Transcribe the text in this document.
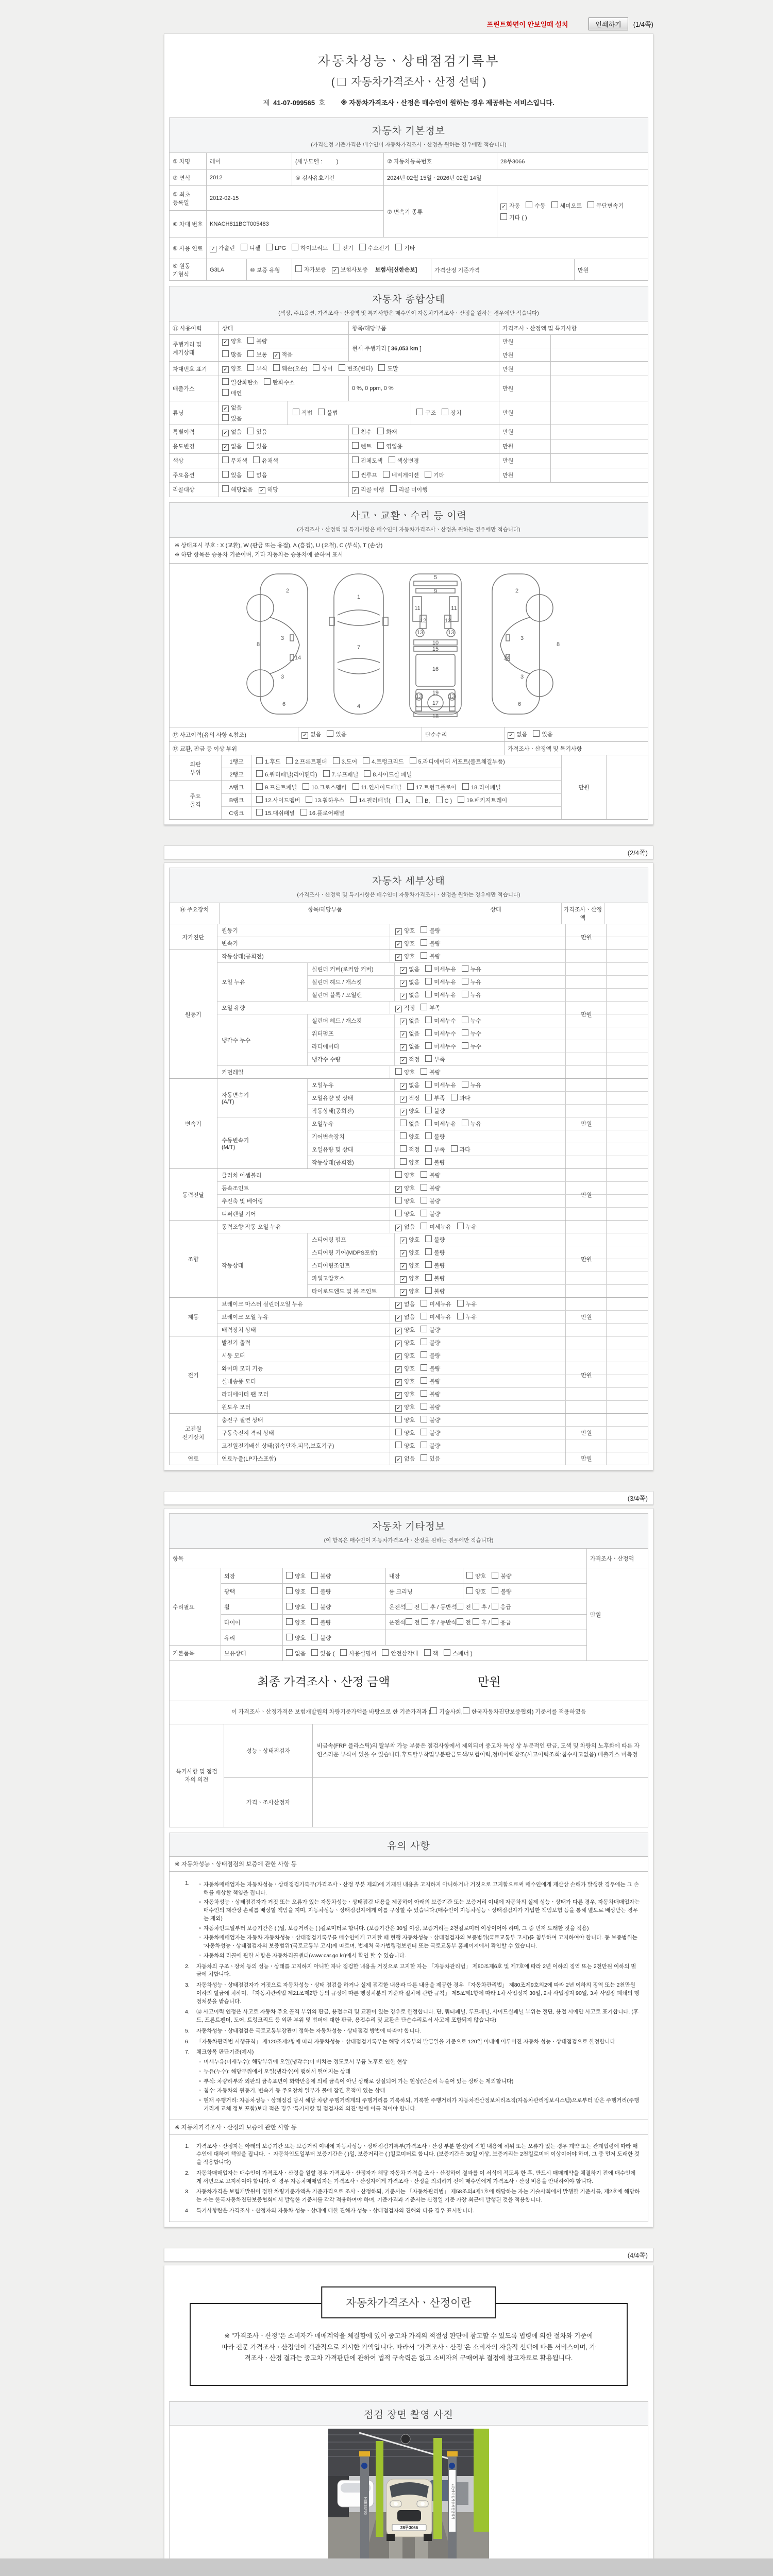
프린트화면이 안보일때 설치	인쇄하기	(1/4쪽)
자동차성능ㆍ상태점검기록부
( 자동차가격조사ㆍ산정 선택 )
제 41-07-099565 호 ※ 자동차가격조사ㆍ산정은 매수인이 원하는 경우 제공하는 서비스입니다.
자동차 기본정보
(가격산정 기준가격은 매수인이 자동차가격조사ㆍ산정을 원하는 경우에만 적습니다)
① 차명	레이		(세부모델 : )	② 자동차등록번호		28무3066	
③ 연식	2012		④ 검사유효기간	2024년 02월 15일 ~2026년 02월 14일			
⑤ 최초 등록일	2012-02-15			⑦ 변속기 종류	
✓자동 수동 세미오토 무단변속기
기타 ( )

⑥ 차대 번호	KNACH811BCT005483						
⑧ 사용 연료	✓가솔린 디젤 LPG 하이브리드 전기 수소전기 기타
⑨ 원동 기형식	G3LA	⑩ 보증 유형	자가보증 ✓ 보험사보증 보험사[신한손보]		가격산정 기준가격		만원
자동차 종합상태
(색상, 주요옵션, 가격조사ㆍ산정액 및 특기사항은 매수인이 자동차가격조사ㆍ산정을 원하는 경우에만 적습니다)
⑪ 사용이력	상태	항목/해당부품	가격조사ㆍ산정액 및 특기사항	
주행거리 및 계기상태	✓양호 불량	현재 주행거리 [ 36,053 km ]	만원	
	많음 보통 ✓ 적음		만원	
차대번호 표기	✓양호 부식 훼손(오손) 상이 변조(변타) 도말		만원	
배출가스	일산화탄소 탄화수소
매연	0 %, 0 ppm, 0 %	만원	
튜닝	
✓없음
있음
적법	불법	구조	장치	만원	
특별이력	✓없음 있음	침수 화재	만원	
용도변경	✓없음 있음	렌트 영업용	만원	
색상	무채색 유채색	전체도색 색상변경	만원	
주요옵션	있음 없음	썬루프 네비게이션 기타	만원	
리콜대상	해당없음 ✓ 해당	✓리콜 이행 리콜 미이행
사고ㆍ교환ㆍ수리 등 이력
(가격조사ㆍ산정액 및 특기사항은 매수인이 자동차가격조사ㆍ산정을 원하는 경우에만 적습니다)
※ 상태표시 부호 : X (교환), W (판금 또는 용접), A (흠집), U (요철), C (부식), T (손상)
※ 하단 항목은 승용차 기준이며, 기타 자동차는 승용차에 준하여 표시
2
3
14
3
8
6
1
7
4
5
9
11	11
12	12
13	13
10
15
16
19
13	13
17
18
2
3
14
3
8
6
⑫ 사고이력(유의 사항 4.참조)	✓없음 있음	단순수리	✓없음 있음
⑬ 교환, 판금 등 이상 부위			가격조사ㆍ산정액 및 특기사항
외판
부위
1랭크	1.후드	2.프론트휀더	3.도어	4.트렁크리드	5.라디에이터 서포트(볼트체결부품)
2랭크	6.쿼터패널(리어휀다)	7.루프패널	8.사이드실 패널
주요
골격
A랭크	9.프론트패널	10.크로스멤버	11.인사이드패널	17.트렁크플로어	18.리어패널
B랭크	12.사이드멤버	13.휠하우스	14.필러패널(	A,	B,	C )	19.패키지트레이
C랭크	15.대쉬패널	16.플로어패널
만원
(2/4쪽)
자동차 세부상태
(가격조사ㆍ산정액 및 특기사항은 매수인이 자동차가격조사ㆍ산정을 원하는 경우에만 적습니다)
⑭ 주요장치	항목/해당부품	상태	가격조사ㆍ산정액
자가진단
원동기 ✓	양호	불량
변속기 ✓	양호	불량
만원
원동기
작동상태(공회전) ✓	양호	불량
오일 누유
실린더 커버(로커암 커버) ✓	없음	미세누유	누유
실린더 헤드 / 개스킷 ✓	없음	미세누유	누유
실린더 블록 / 오일팬 ✓	없음	미세누유	누유
오일 유량 ✓	적정	부족
냉각수 누수
실린더 헤드 / 개스킷 ✓	없음	미세누수	누수
워터펌프 ✓	없음	미세누수	누수
라디에이터 ✓	없음	미세누수	누수
냉각수 수량 ✓	적정	부족
커먼레일	양호	불량
만원
변속기
자동변속기
(A/T)
오일누유 ✓	없음	미세누유	누유
오일유량 및 상태 ✓	적정	부족	과다
작동상태(공회전) ✓	양호	불량
수동변속기
(M/T)
오일누유	없음	미세누유	누유
기어변속장치	양호	불량
오일유량 및 상태	적정	부족	과다
작동상태(공회전)	양호	불량
만원
동력전달
클러치 어셈블리	양호	불량
등속조인트 ✓	양호	불량
추진축 및 베어링	양호	불량
디퍼렌셜 기어	양호	불량
만원
조향
동력조향 작동 오일 누유 ✓	없음	미세누유	누유
작동상태
스티어링 펌프 ✓	양호	불량
스티어링 기어(MDPS포함) ✓	양호	불량
스티어링조인트 ✓	양호	불량
파워고압호스 ✓	양호	불량
타이로드엔드 및 볼 조인트 ✓	양호	불량
만원
제동
브레이크 마스터 실린더오일 누유 ✓	없음	미세누유	누유
브레이크 오일 누유 ✓	없음	미세누유	누유
배력장치 상태 ✓	양호	불량
만원
전기
발전기 출력 ✓	양호	불량
시동 모터 ✓	양호	불량
와이퍼 모터 기능 ✓	양호	불량
실내송풍 모터 ✓	양호	불량
라디에이터 팬 모터 ✓	양호	불량
윈도우 모터 ✓	양호	불량
만원
고전원
전기장치
충전구 절연 상태	양호	불량
구동축전지 격리 상태	양호	불량
고전원전기배선 상태(접속단자,피복,보호기구)	양호	불량
만원
연료	연료누출(LP가스포함) ✓	없음	있음	만원
(3/4쪽)
자동차 기타정보
(이 항목은 매수인이 자동차가격조사ㆍ산정을 원하는 경우에만 적습니다)
항목					가격조사ㆍ산정액
수리필요	외장	양호 불량	내장	양호 불량	만원
	광택	양호 불량	룸 크리닝	양호 불량	
	휠	양호 불량	운전석 전 후 / 동반석 전 후 / 응급		
	타이어	양호 불량	운전석 전 후 / 동반석 전 후 / 응급		
	유리	양호 불량			
기본품목	보유상태	없음 있음 ( 사용설명서 안전삼각대 잭 스패너 )			
최종 가격조사ㆍ산정 금액	만원
이 가격조사ㆍ산정가격은 보험개발원의 차량기준가액을 바탕으로 한 기준가격과 ( 기술사회, 한국자동차진단보증협회) 기준서를 적용하였음
특기사항 및 점검자의 의견	성능ㆍ상태점검자	비금속(FRP 플라스틱)의 탈부착 가능 부품은 점검사항에서 제외되며 중고차 특성 상 부분적인 판금, 도색 및 차량의 노후화에 따른 자연스러운 부식이 있을 수 있습니다.후드탈부착및부분판금도색/보험이력,정비이력참조(사고이력조회:침수사고없음) 배출가스 미측정
	가격ㆍ조사산정자	
유의 사항
※ 자동차성능ㆍ상태점검의 보증에 관한 사항 등
1.	▫ 자동차매매업자는 자동차성능ㆍ상태점검기록부(가격조사ㆍ산정 부분 제외)에 기재된 내용을 고지하지 아니하거나 거짓으로 고지함으로써 매수인에게 재산상 손해가 발생한 경우에는 그 손해를 배상할 책임을 집니다.
▫ 자동차성능ㆍ상태점검자가 거짓 또는 오류가 있는 자동차성능ㆍ상태점검 내용을 제공하여 아래의 보증기간 또는 보증거리 이내에 자동차의 실제 성능ㆍ상태가 다른 경우, 자동차매매업자는 매수인의 재산상 손해를 배상할 책임을 지며, 자동차성능ㆍ상태점검자에게 이를 구상할 수 있습니다.(매수인이 자동차성능ㆍ상태점검자가 가입한 책임보험 등을 통해 별도로 배상받는 경우는 제외)
▫ 자동차인도일부터 보증기간은 ( )일, 보증거리는 ( )킬로미터로 합니다. (보증기간은 30일 이상, 보증거리는 2천킬로미터 이상이어야 하며, 그 중 먼저 도래한 것을 적용)
▫ 자동차매매업자는 자동차 자동차성능ㆍ상태점검기록부를 매수인에게 고지할 때 현행 자동차성능ㆍ상태점검자의 보증범위(국토교통부 고시)를 첨부하여 고지하여야 합니다. 동 보증범위는 '자동차성능ㆍ상태점검자의 보증범위'(국토교통부 고시)에 따르며, 법제처 국가법령정보센터 또는 국토교통부 홈페이지에서 확인할 수 있습니다.
▫ 자동차의 리콜에 관한 사항은 자동차리콜센터(www.car.go.kr)에서 확인 할 수 있습니다.
2.	자동차의 구조ㆍ장치 등의 성능ㆍ상태를 고지하지 아니한 자나 점검한 내용을 거짓으로 고지한 자는 「자동차관리법」 제80조제6호 및 제7호에 따라 2년 이하의 징역 또는 2천만원 이하의 벌금에 처합니다.
3.	자동차성능ㆍ상태점검자가 거짓으로 자동차성능ㆍ상태 점검을 하거나 실제 점검한 내용과 다른 내용을 제공한 경우 「자동차관리법」 제80조제9호의2에 따라 2년 이하의 징역 또는 2천만원 이하의 벌금에 처하며, 「자동차관리법 제21조제2항 등의 규정에 따른 행정처분의 기준과 절차에 관한 규칙」 제5조제1항에 따라 1차 사업정지 30일, 2차 사업정지 90일, 3차 사업장 폐쇄의 행정처분을 받습니다.
4.	⑫ 사고이력 인정은 사고로 자동차 주요 골격 부위의 판금, 용접수리 및 교환이 있는 경우로 한정합니다. 단, 쿼터패널, 루프패널, 사이드실패널 부위는 절단, 용접 시에만 사고로 표기합니다. (후드, 프론트펜더, 도어, 트렁크리드 등 외판 부위 및 범퍼에 대한 판금, 용접수리 및 교환은 단순수리로서 사고에 포함되지 않습니다)
5.	자동차성능ㆍ상태점검은 국토교통부장관이 정하는 자동차성능ㆍ상태점검 방법에 따라야 합니다.
6.	「자동차관리법 시행규칙」 제120조제2항에 따라 자동차성능ㆍ상태점검기록부는 해당 기록부의 발급일을 기준으로 120일 이내에 이루어진 자동차 성능ㆍ상태점검으로 한정합니다
7.	체크항목 판단기준(예시)
▫ 미세누유(미세누수): 해당부위에 오일(냉각수)이 비치는 정도로서 부품 노후로 인한 현상
▫ 누유(누수): 해당부위에서 오일(냉각수)이 맺혀서 떨어지는 상태
▫ 부식: 차량하부와 외판의 금속표면이 화학반응에 의해 금속이 아닌 상태로 상실되어 가는 현상(단순히 녹슬어 있는 상태는 제외합니다)
▫ 침수: 자동차의 원동기, 변속기 등 주요장치 일부가 물에 잠긴 흔적이 있는 상태
▫ 현재 주행거리: 자동차성능ㆍ상태점검 당시 해당 차량 주행거리계의 주행거리를 기록하되, 기록한 주행거리가 자동차전산정보처리조직(자동차관리정보시스템)으로부터 받은 주행거리(주행거리계 교체 정보 포함)보다 적은 경우 '특기사항 및 점검자의 의견' 란에 이를 적어야 합니다.
※ 자동차가격조사ㆍ산정의 보증에 관한 사항 등
1.	가격조사ㆍ산정자는 아래의 보증기간 또는 보증거리 이내에 자동차성능ㆍ상태점검기록부(가격조사ㆍ산정 부분 한정)에 적힌 내용에 허위 또는 오류가 있는 경우 계약 또는 관계법령에 따라 매수인에 대하여 책임을 집니다. ㆍ 자동차인도일부터 보증기간은 ( )일, 보증거리는 ( )킬로미터로 합니다. (보증기간은 30일 이상, 보증거리는 2천킬로미터 이상이어야 하며, 그 중 먼저 도래한 것을 적용합니다)
2.	자동차매매업자는 매수인이 가격조사ㆍ산정을 원할 경우 가격조사ㆍ산정자가 해당 자동차 가격을 조사ㆍ산정하여 결과를 이 서식에 적도록 한 후, 반드시 매매계약을 체결하기 전에 매수인에게 서면으로 고지하여야 합니다. 이 경우 자동차매매업자는 가격조사ㆍ산정자에게 가격조사ㆍ산정을 의뢰하기 전에 매수인에게 가격조사ㆍ산정 비용을 안내하여야 합니다.
3.	자동차가격은 보험개발원이 정한 차량기준가액을 기준가격으로 조사ㆍ산정하되, 기준서는 「자동차관리법」 제58조의4제1호에 해당하는 자는 기술사회에서 발행한 기준서를, 제2호에 해당하는 자는 한국자동차진단보증협회에서 발행한 기준서를 각각 적용하여야 하며, 기준가격과 기준서는 산정일 기준 가장 최근에 발행된 것을 적용합니다.
4.	특기사항란은 가격조사ㆍ산정자의 자동차 성능ㆍ상태에 대한 견해가 성능ㆍ상태점검자의 견해와 다를 경우 표시합니다.
(4/4쪽)
자동차가격조사ㆍ산정이란
※ "가격조사ㆍ산정"은 소비자가 매매계약을 체결함에 있어 중고차 가격의 적절성 판단에 참고할 수 있도록 법령에 의한 절차와 기준에 따라 전문 가격조사ㆍ산정인이 객관적으로 제시한 가액입니다. 따라서 "가격조사ㆍ산정"은 소비자의 자율적 선택에 따른 서비스이며, 가격조사ㆍ산정 결과는 중고차 가격판단에 관하여 법적 구속력은 없고 소비자의 구매여부 결정에 참고자료로 활용됩니다.
점검 장면 촬영 사진
HEESUNG	(주)에이원자동차진단평가
28무3066
